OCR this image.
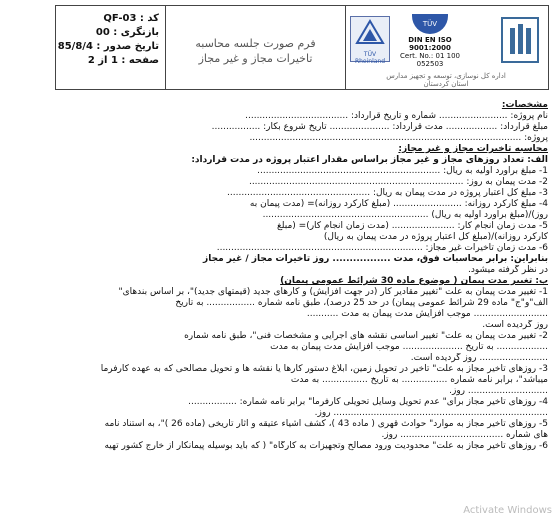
کد : QF-03
بازنگری : 00
تاریخ صدور : 85/8/4
صفحه : 1 از 2
فرم صورت جلسه محاسبه
تاخیرات مجاز و غیر مجاز	TÜV Rheinland
TÜV
DIN EN ISO 9001:2000
Cert. No.: 01 100 052503
اداره کل نوسازی، توسعه و تجهیز مدارس
استان کردستان
مشخصات:
نام پروژه: ........................ شماره و تاریخ قرارداد: ....................................
مبلغ قرارداد: .................. مدت قرارداد: ..................... تاریخ شروع بکار: .................
پروژه: ...............................................................................................
محاسبه تاخیرات مجاز و غیر مجاز:
الف: تعداد روزهای مجاز و غیر مجاز براساس مقدار اعتبار پروژه در مدت قرارداد:
1- مبلغ برآورد اولیه به ریال: ................................................................
2- مدت پیمان به روز: ...........................................................................
3- مبلغ کل اعتبار پروژه در مدت پیمان به ریال: ..................................................
4- مبلغ کارکرد روزانه: ........................ (مبلغ کارکرد روزانه)= (مدت پیمان به
روز)/(مبلغ برآورد اولیه به ریال) ..........................................................
5- مدت زمان انجام کار: ...................... (مدت زمان انجام کار)= (مبلغ
کارکرد روزانه)/(مبلغ کل اعتبار پروژه در مدت پیمان به ریال)
6- مدت زمان تاخیرات غیر مجاز: ........................................................................
بنابراین: برابر محاسبات فوق، مدت ................. روز تاخیرات مجاز / غیر مجاز
در نظر گرفته میشود.
ب: تغییر مدت پیمان ( موضوع ماده 30 شرائط عمومی پیمان)
1- تغییر مدت پیمان به علت "تغییر مقادیر کار (در جهت افزایش) و کارهای جدید (قیمتهای جدید)"، بر اساس بندهای"
الف"و"ج" ماده 29 شرائط عمومی پیمان) در حد 25 درصد)، طبق نامه شماره ................. به تاریخ
.......................... موجب افزایش مدت پیمان به مدت ...........
روز گردیده است.
2- تغییر مدت پیمان به علت" تغییر اساسی نقشه های اجرایی و مشخصات فنی"، طبق نامه شماره
.................. به تاریخ ..................... موجب افزایش مدت پیمان به مدت
........................ روز گردیده است.
3- روزهای تاخیر مجاز به علت" تاخیر در تحویل زمین، ابلاغ دستور کارها یا نقشه ها و تحویل مصالحی که به عهده کارفرما
میباشد"، برابر نامه شماره ................ به تاریخ ................ به مدت
............................ روز.
4- روزهای تاخیر مجاز برای" عدم تحویل وسایل تحویلی کارفرما" برابر نامه شماره: .................
........................................................................... روز.
5- روزهای تاخیر مجاز به موارد" حوادث قهری ( ماده 43 )، کشف اشیاء عتیقه و آثار تاریخی (ماده 26 )"، به استناد نامه
های شماره .................................... روز.
6- روزهای تاخیر مجاز به علت" محدودیت ورود مصالح وتجهیزات به کارگاه" ( که باید بوسیله پیمانکار از خارج کشور تهیه
Activate Windows
